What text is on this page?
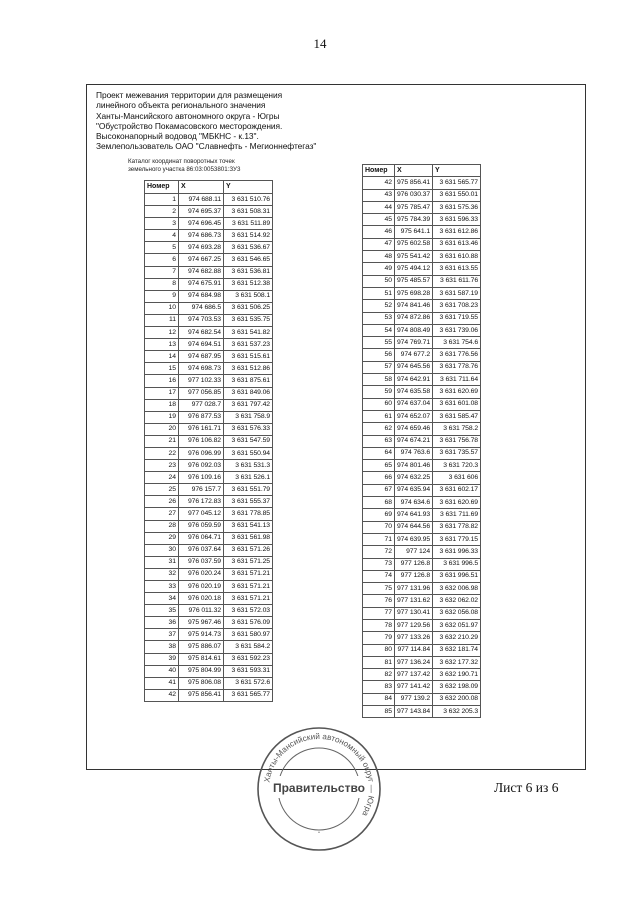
14
Проект межевания территории для размещения
линейного объекта регионального значения
Ханты-Мансийского автономного округа - Югры
"Обустройство Покамасовского месторождения.
Высоконапорный водовод "МБКНС - к.13".
Землепользователь ОАО "Славнефть - Мегионнефтегаз"
Каталог координат поворотных точек
земельного участка 86:03:0053801:ЗУ3
Номер	X	Y
1	974 688.11	3 631 510.76
2	974 695.37	3 631 508.31
3	974 696.45	3 631 511.89
4	974 686.73	3 631 514.92
5	974 693.28	3 631 536.67
6	974 667.25	3 631 546.65
7	974 682.88	3 631 536.81
8	974 675.91	3 631 512.38
9	974 684.98	3 631 508.1
10	974 686.5	3 631 506.25
11	974 703.53	3 631 535.75
12	974 682.54	3 631 541.82
13	974 694.51	3 631 537.23
14	974 687.95	3 631 515.61
15	974 698.73	3 631 512.86
16	977 102.33	3 631 875.61
17	977 056.85	3 631 849.06
18	977 028.7	3 631 797.42
19	976 877.53	3 631 758.9
20	976 161.71	3 631 576.33
21	976 106.82	3 631 547.59
22	976 096.99	3 631 550.94
23	976 092.03	3 631 531.3
24	976 109.16	3 631 526.1
25	976 157.7	3 631 551.79
26	976 172.83	3 631 555.37
27	977 045.12	3 631 778.85
28	976 059.59	3 631 541.13
29	976 064.71	3 631 561.98
30	976 037.64	3 631 571.26
31	976 037.59	3 631 571.25
32	976 020.24	3 631 571.21
33	976 020.19	3 631 571.21
34	976 020.18	3 631 571.21
35	976 011.32	3 631 572.03
36	975 967.46	3 631 576.09
37	975 914.73	3 631 580.97
38	975 886.07	3 631 584.2
39	975 814.61	3 631 592.23
40	975 804.99	3 631 593.31
41	975 806.08	3 631 572.6
42	975 856.41	3 631 565.77
Номер	X	Y
42	975 856.41	3 631 565.77
43	976 030.37	3 631 550.01
44	975 785.47	3 631 575.36
45	975 784.39	3 631 596.33
46	975 641.1	3 631 612.86
47	975 602.58	3 631 613.46
48	975 541.42	3 631 610.88
49	975 494.12	3 631 613.55
50	975 485.57	3 631 611.76
51	975 698.28	3 631 587.19
52	974 841.46	3 631 708.23
53	974 872.86	3 631 719.55
54	974 808.49	3 631 739.06
55	974 769.71	3 631 754.6
56	974 677.2	3 631 776.56
57	974 645.56	3 631 778.76
58	974 642.91	3 631 711.64
59	974 635.58	3 631 620.69
60	974 637.04	3 631 601.08
61	974 652.07	3 631 585.47
62	974 659.46	3 631 758.2
63	974 674.21	3 631 756.78
64	974 763.6	3 631 735.57
65	974 801.46	3 631 720.3
66	974 632.25	3 631 606
67	974 635.94	3 631 602.17
68	974 634.6	3 631 620.69
69	974 641.93	3 631 711.69
70	974 644.56	3 631 778.82
71	974 639.95	3 631 779.15
72	977 124	3 631 996.33
73	977 126.8	3 631 996.5
74	977 126.8	3 631 996.51
75	977 131.96	3 632 006.98
76	977 131.62	3 632 062.02
77	977 130.41	3 632 056.08
78	977 129.56	3 632 051.97
79	977 133.26	3 632 210.29
80	977 114.84	3 632 181.74
81	977 136.24	3 632 177.32
82	977 137.42	3 632 190.71
83	977 141.42	3 632 198.09
84	977 139.2	3 632 200.08
85	977 143.84	3 632 205.3
Ханты-Мансийский автономный округ — Югра
Правительство
•
Лист 6 из 6
